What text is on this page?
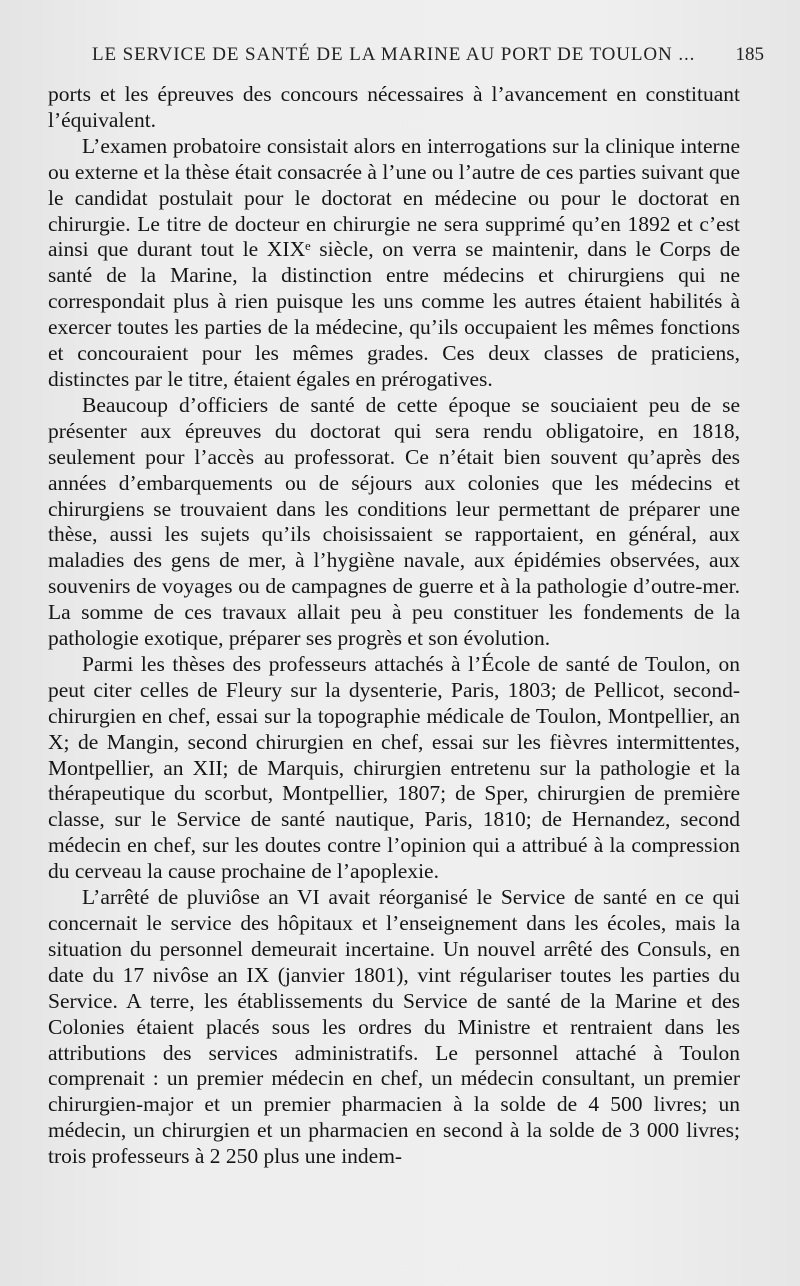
LE SERVICE DE SANTÉ DE LA MARINE AU PORT DE TOULON ... 185

ports et les épreuves des concours nécessaires à l’avancement en constituant l’équivalent.

L’examen probatoire consistait alors en interrogations sur la clinique interne ou externe et la thèse était consacrée à l’une ou l’autre de ces parties suivant que le candidat postulait pour le doctorat en médecine ou pour le doctorat en chirurgie. Le titre de docteur en chirurgie ne sera supprimé qu’en 1892 et c’est ainsi que durant tout le XIXᵉ siècle, on verra se maintenir, dans le Corps de santé de la Marine, la distinction entre médecins et chirurgiens qui ne correspondait plus à rien puisque les uns comme les autres étaient habilités à exercer toutes les parties de la médecine, qu’ils occupaient les mêmes fonctions et concouraient pour les mêmes grades. Ces deux classes de praticiens, distinctes par le titre, étaient égales en prérogatives.

Beaucoup d’officiers de santé de cette époque se souciaient peu de se présenter aux épreuves du doctorat qui sera rendu obligatoire, en 1818, seulement pour l’accès au professorat. Ce n’était bien souvent qu’après des années d’embarquements ou de séjours aux colonies que les médecins et chirurgiens se trouvaient dans les conditions leur permettant de préparer une thèse, aussi les sujets qu’ils choisissaient se rapportaient, en général, aux maladies des gens de mer, à l’hygiène navale, aux épidémies observées, aux souvenirs de voyages ou de campagnes de guerre et à la pathologie d’outre-mer. La somme de ces travaux allait peu à peu constituer les fondements de la pathologie exotique, préparer ses progrès et son évolution.

Parmi les thèses des professeurs attachés à l’École de santé de Toulon, on peut citer celles de Fleury sur la dysenterie, Paris, 1803; de Pellicot, second-chirurgien en chef, essai sur la topographie médicale de Toulon, Montpellier, an X; de Mangin, second chirurgien en chef, essai sur les fièvres intermittentes, Montpellier, an XII; de Marquis, chirurgien entretenu sur la pathologie et la thérapeutique du scorbut, Montpellier, 1807; de Sper, chirurgien de première classe, sur le Service de santé nautique, Paris, 1810; de Hernandez, second médecin en chef, sur les doutes contre l’opinion qui a attribué à la compression du cerveau la cause prochaine de l’apoplexie.

L’arrêté de pluviôse an VI avait réorganisé le Service de santé en ce qui concernait le service des hôpitaux et l’enseignement dans les écoles, mais la situation du personnel demeurait incertaine. Un nouvel arrêté des Consuls, en date du 17 nivôse an IX (janvier 1801), vint régulariser toutes les parties du Service. A terre, les établissements du Service de santé de la Marine et des Colonies étaient placés sous les ordres du Ministre et rentraient dans les attributions des services administratifs. Le personnel attaché à Toulon comprenait : un premier médecin en chef, un médecin consultant, un premier chirurgien-major et un premier pharmacien à la solde de 4 500 livres; un médecin, un chirurgien et un pharmacien en second à la solde de 3 000 livres; trois professeurs à 2 250 plus une indem-
